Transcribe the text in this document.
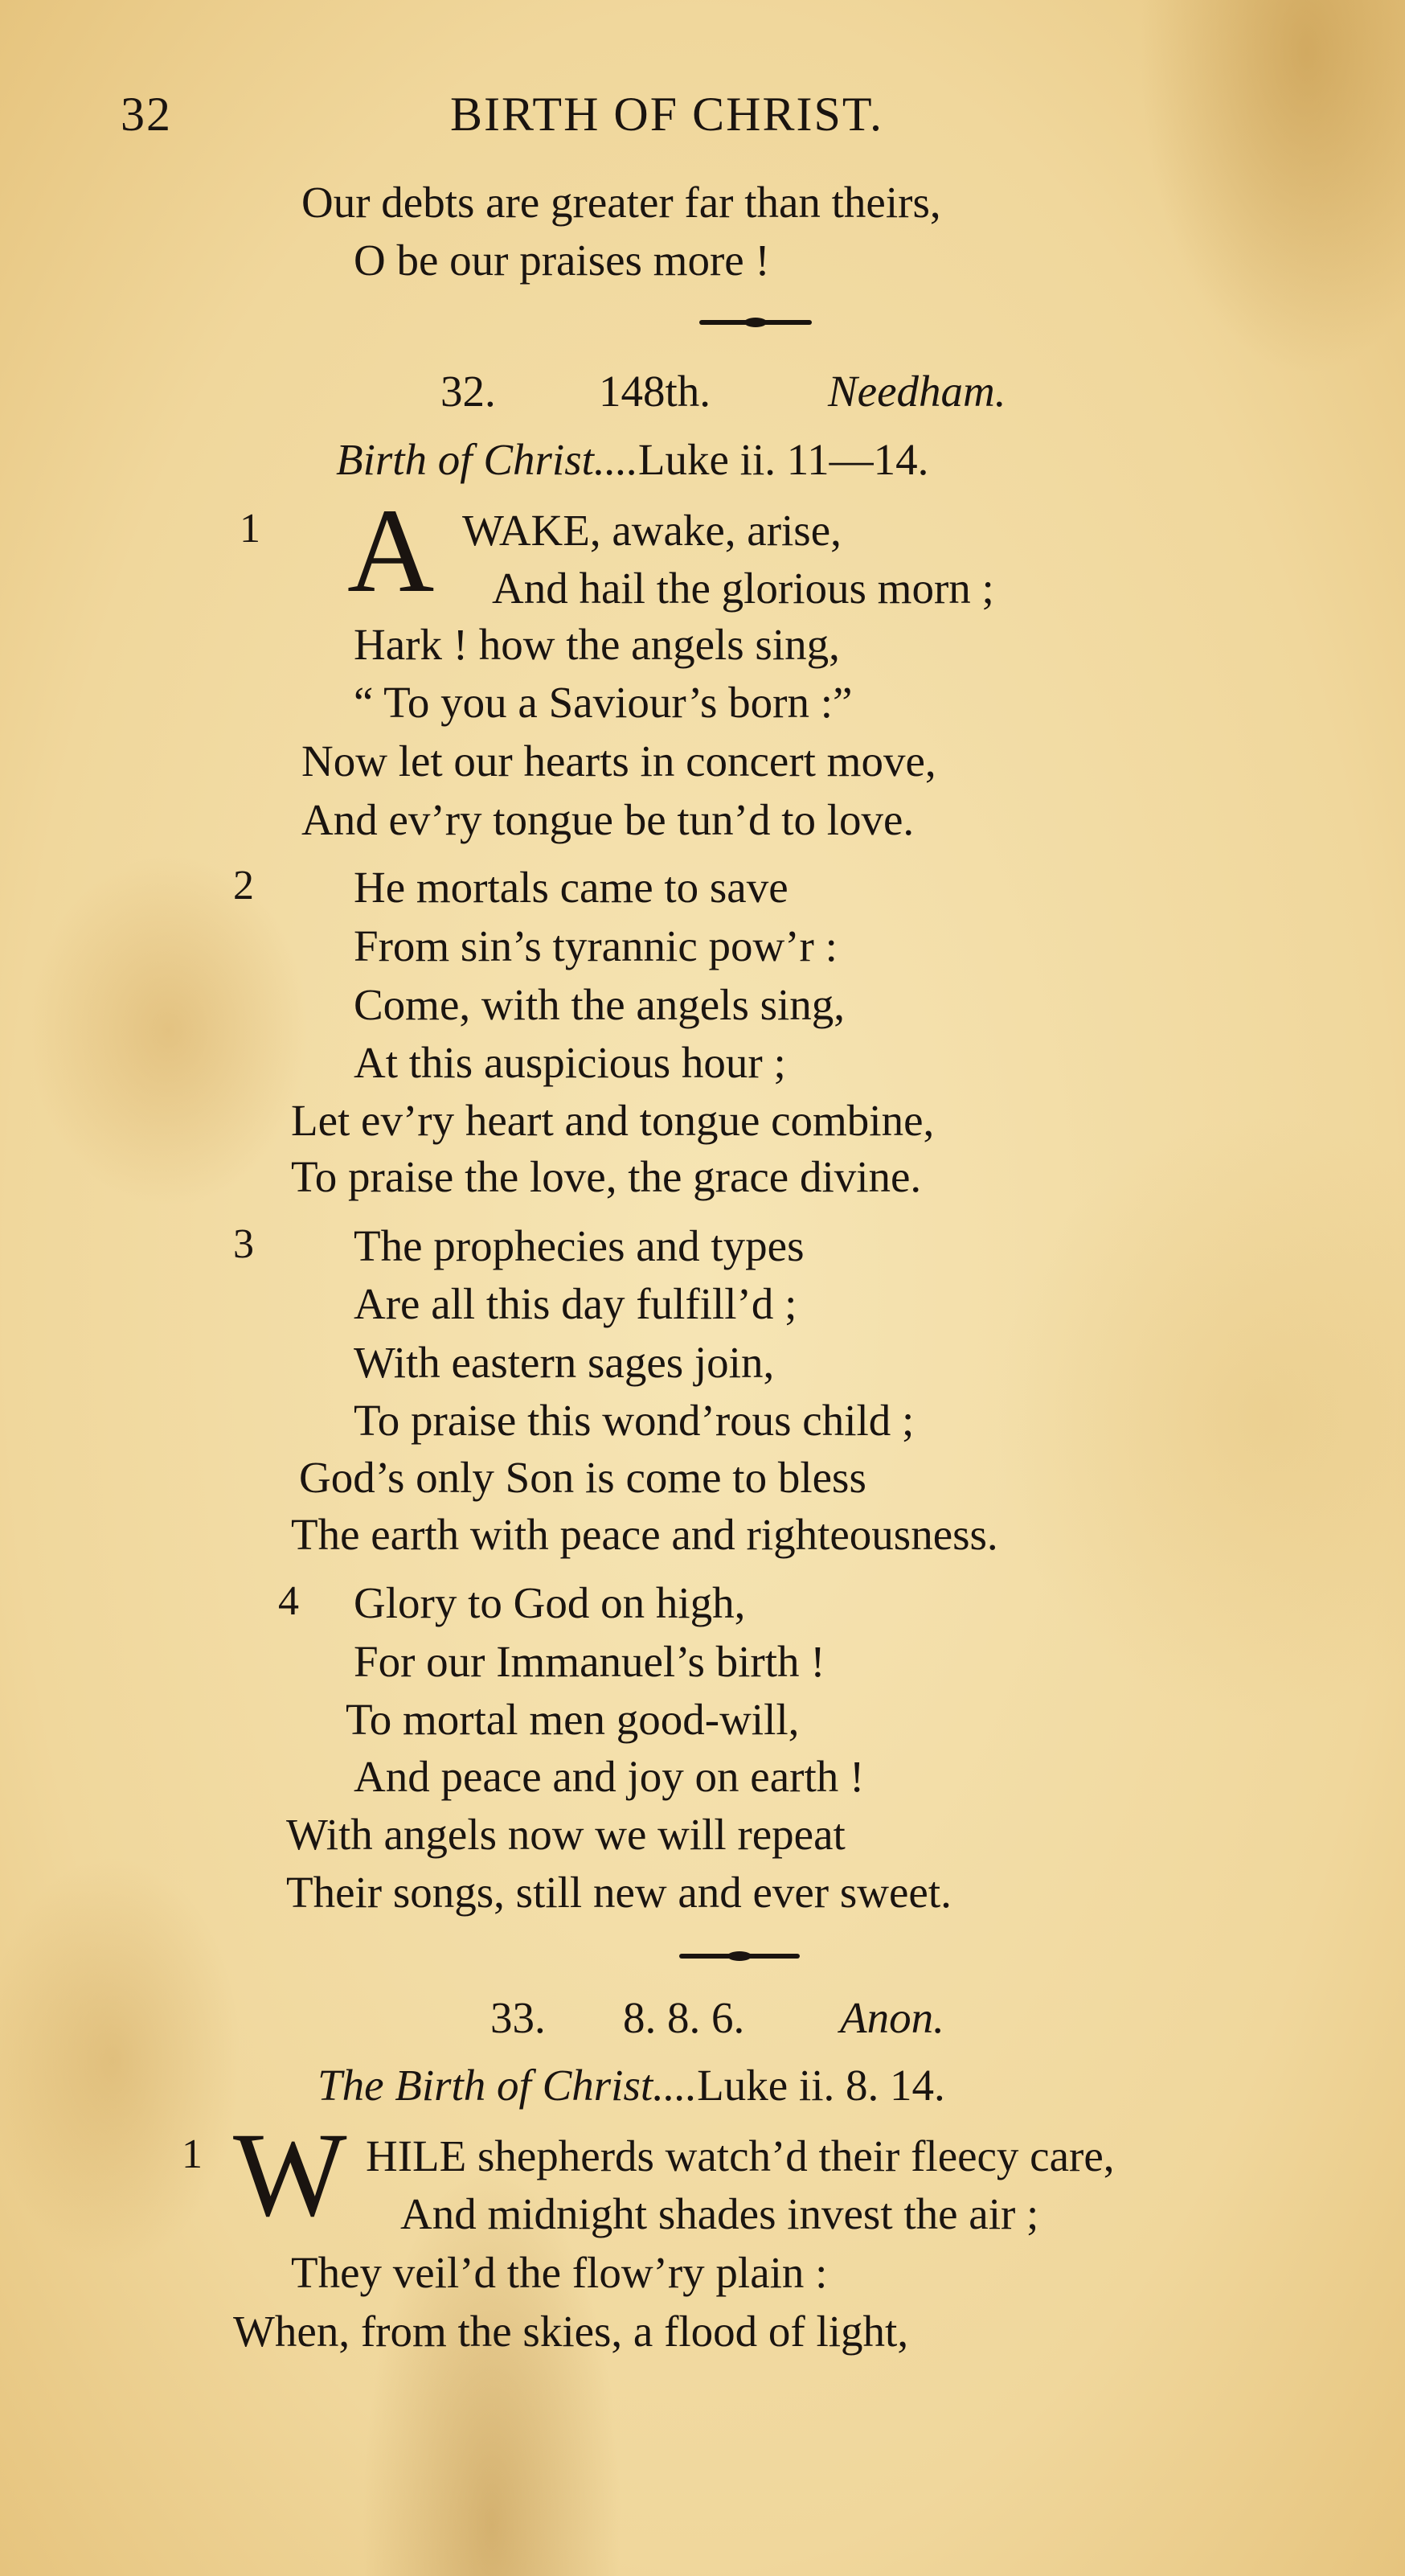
32	BIRTH OF CHRIST.
Our debts are greater far than theirs,
O be our praises more !
32. 148th.	Needham.
Birth of Christ....Luke ii. 11—14.
1 A WAKE, awake, arise,
And hail the glorious morn ;
Hark ! how the angels sing,
“ To you a Saviour’s born :”
Now let our hearts in concert move,
And ev’ry tongue be tun’d to love.
2 He mortals came to save
From sin’s tyrannic pow’r :
Come, with the angels sing,
At this auspicious hour ;
Let ev’ry heart and tongue combine,
To praise the love, the grace divine.
3 The prophecies and types
Are all this day fulfill’d ;
With eastern sages join,
To praise this wond’rous child ;
God’s only Son is come to bless
The earth with peace and righteousness.
4 Glory to God on high,
For our Immanuel’s birth !
To mortal men good-will,
And peace and joy on earth !
With angels now we will repeat
Their songs, still new and ever sweet.
33. 8. 8. 6. Anon.
The Birth of Christ....Luke ii. 8. 14.
1 W HILE shepherds watch’d their fleecy care,
And midnight shades invest the air ;
They veil’d the flow’ry plain :
When, from the skies, a flood of light,
